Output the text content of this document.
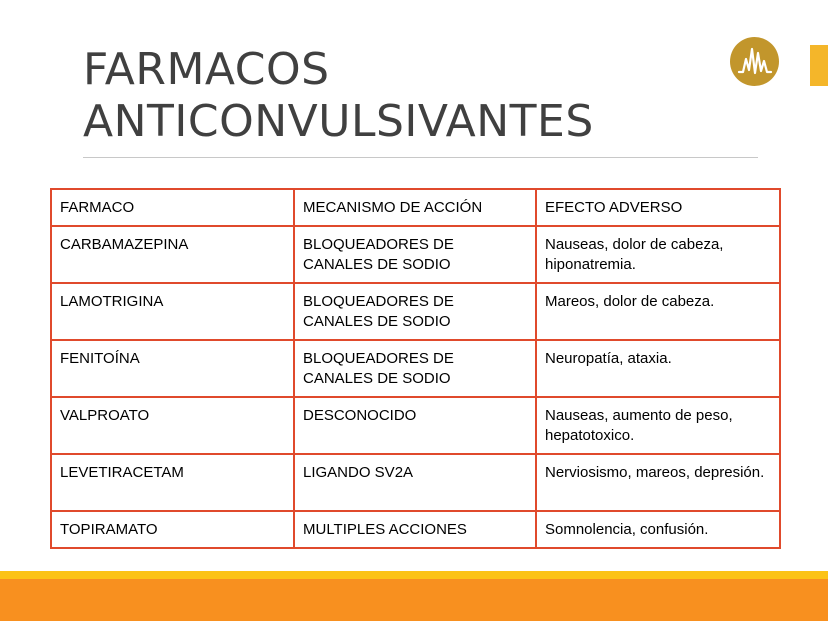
FARMACOS
ANTICONVULSIVANTES
FARMACO	MECANISMO DE ACCIÓN	EFECTO ADVERSO
CARBAMAZEPINA	BLOQUEADORES DE CANALES DE SODIO	Nauseas, dolor de cabeza, hiponatremia.
LAMOTRIGINA	BLOQUEADORES DE CANALES DE SODIO	Mareos, dolor de cabeza.
FENITOÍNA	BLOQUEADORES DE CANALES DE SODIO	Neuropatía, ataxia.
VALPROATO	DESCONOCIDO	Nauseas, aumento de peso, hepatotoxico.
LEVETIRACETAM	LIGANDO SV2A	Nerviosismo, mareos, depresión.
TOPIRAMATO	MULTIPLES ACCIONES	Somnolencia, confusión.
